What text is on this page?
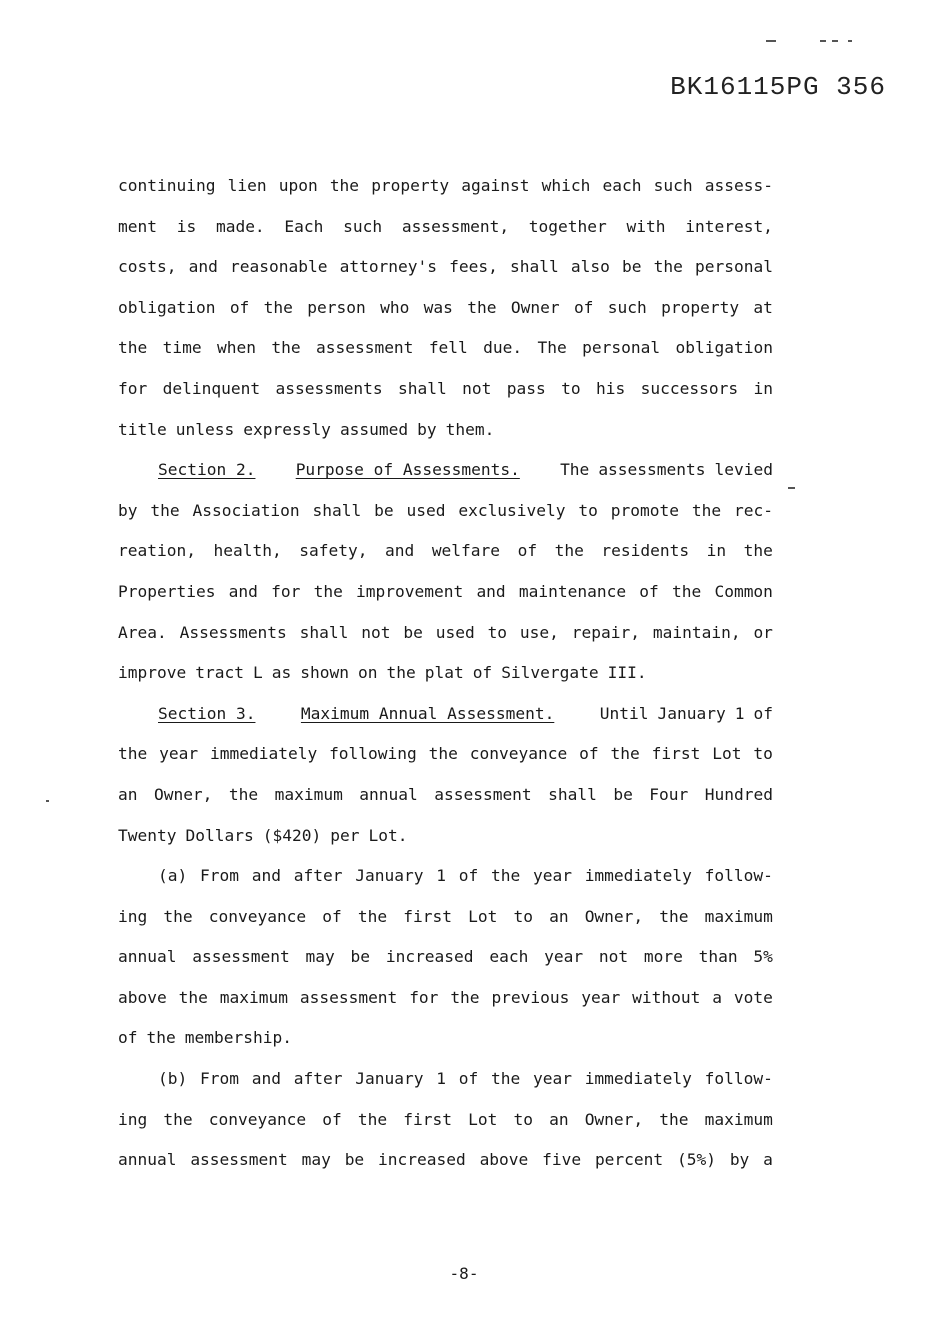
BK16115PG 356
continuing lien upon the property against which each such assess-
ment is made. Each such assessment, together with interest,
costs, and reasonable attorney's fees, shall also be the personal
obligation of the person who was the Owner of such property at
the time when the assessment fell due. The personal obligation
for delinquent assessments shall not pass to his successors in
title unless expressly assumed by them.
Section 2. Purpose of Assessments. The assessments levied
by the Association shall be used exclusively to promote the rec-
reation, health, safety, and welfare of the residents in the
Properties and for the improvement and maintenance of the Common
Area. Assessments shall not be used to use, repair, maintain, or
improve tract L as shown on the plat of Silvergate III.
Section 3.	Maximum Annual Assessment.	Until January 1 of
the year immediately following the conveyance of the first Lot to
an Owner, the maximum annual assessment shall be Four Hundred
Twenty Dollars ($420) per Lot.
(a) From and after January 1 of the year immediately follow-
ing the conveyance of the first Lot to an Owner, the maximum
annual assessment may be increased each year not more than 5%
above the maximum assessment for the previous year without a vote
of the membership.
(b) From and after January 1 of the year immediately follow-
ing the conveyance of the first Lot to an Owner, the maximum
annual assessment may be increased above five percent (5%) by a
-8-
